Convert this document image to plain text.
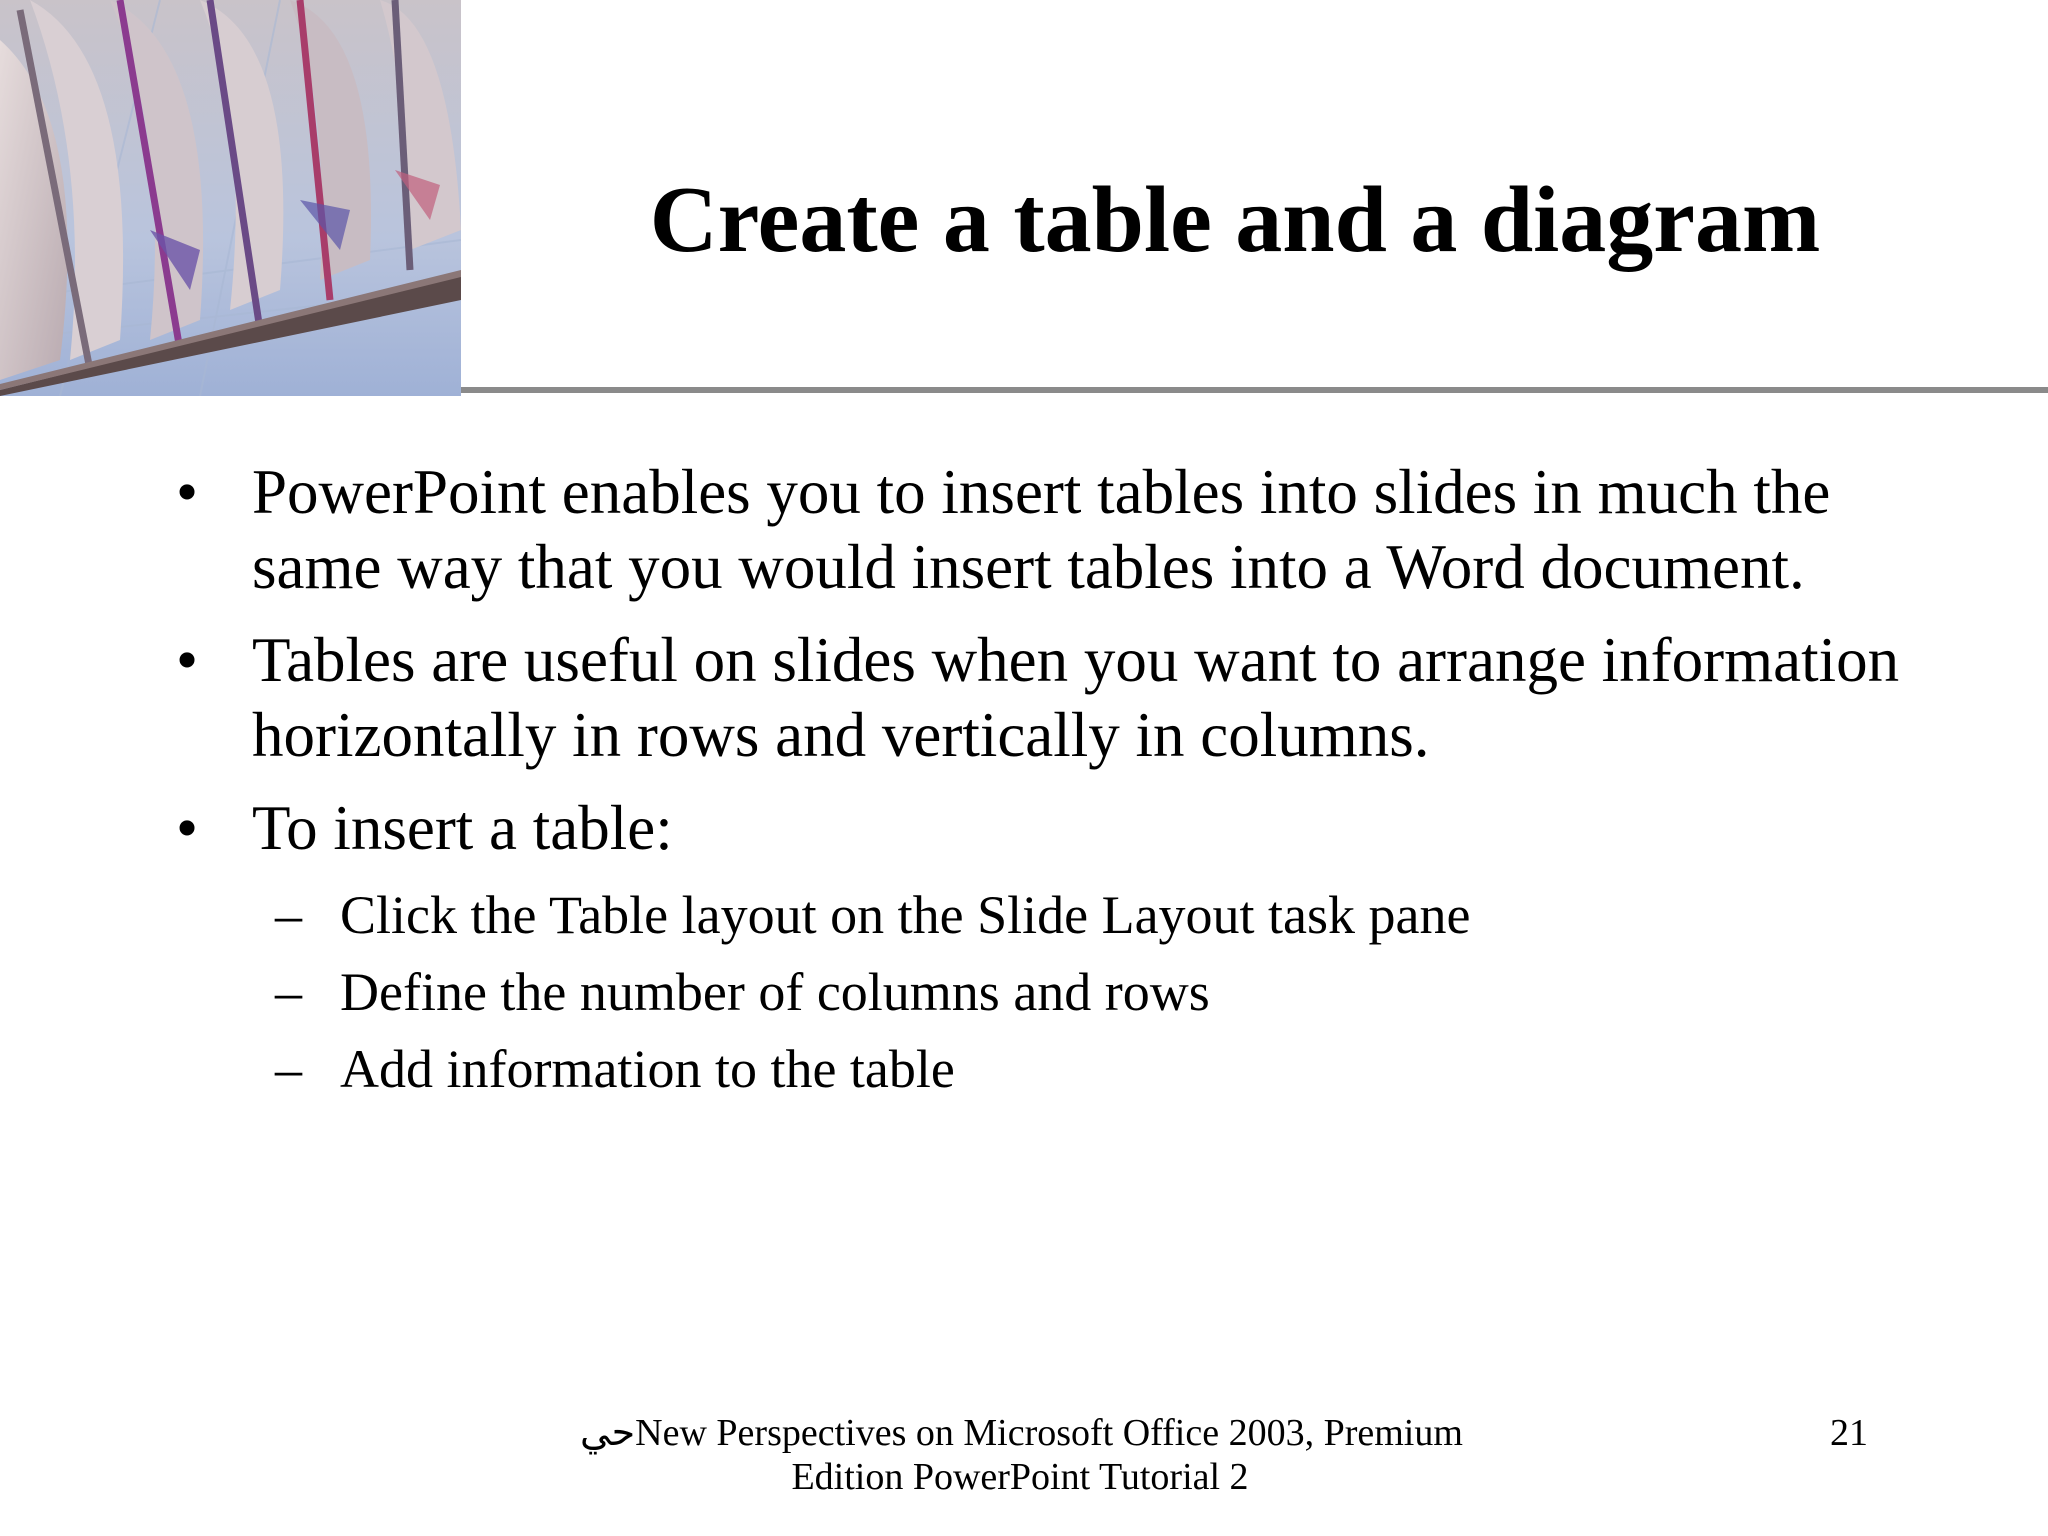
Create a table and a diagram
• PowerPoint enables you to insert tables into slides in much the same way that you would insert tables into a Word document.
• Tables are useful on slides when you want to arrange information horizontally in rows and vertically in columns.
• To insert a table:
– Click the Table layout on the Slide Layout task pane
– Define the number of columns and rows
– Add information to the table
حيNew Perspectives on Microsoft Office 2003, Premium
Edition PowerPoint Tutorial 2
21
